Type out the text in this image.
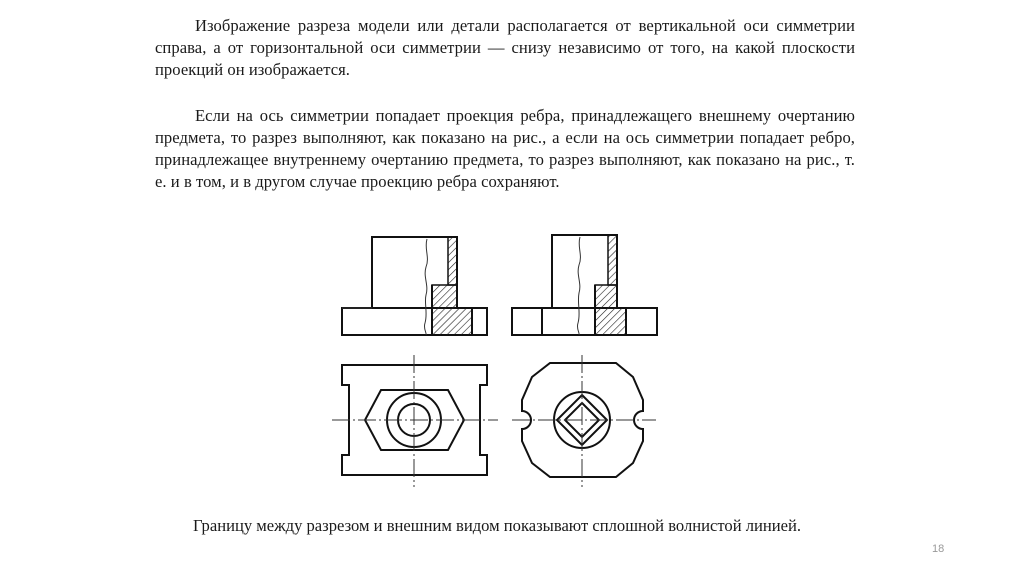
Изображение разреза модели или детали располагается от вертикальной оси симметрии справа, а от горизонтальной оси симметрии — снизу независимо от того, на какой плоскости проекций он изображается.

Если на ось симметрии попадает проекция ребра, принадлежащего внешнему очертанию предмета, то разрез выполняют, как показано на рис., а если на ось симметрии попадает ребро, принадлежащее внутреннему очертанию предмета, то разрез выполняют, как показано на рис., т. е. и в том, и в другом случае проекцию ребра сохраняют.

Границу между разрезом и внешним видом показывают сплошной волнистой линией.

18
